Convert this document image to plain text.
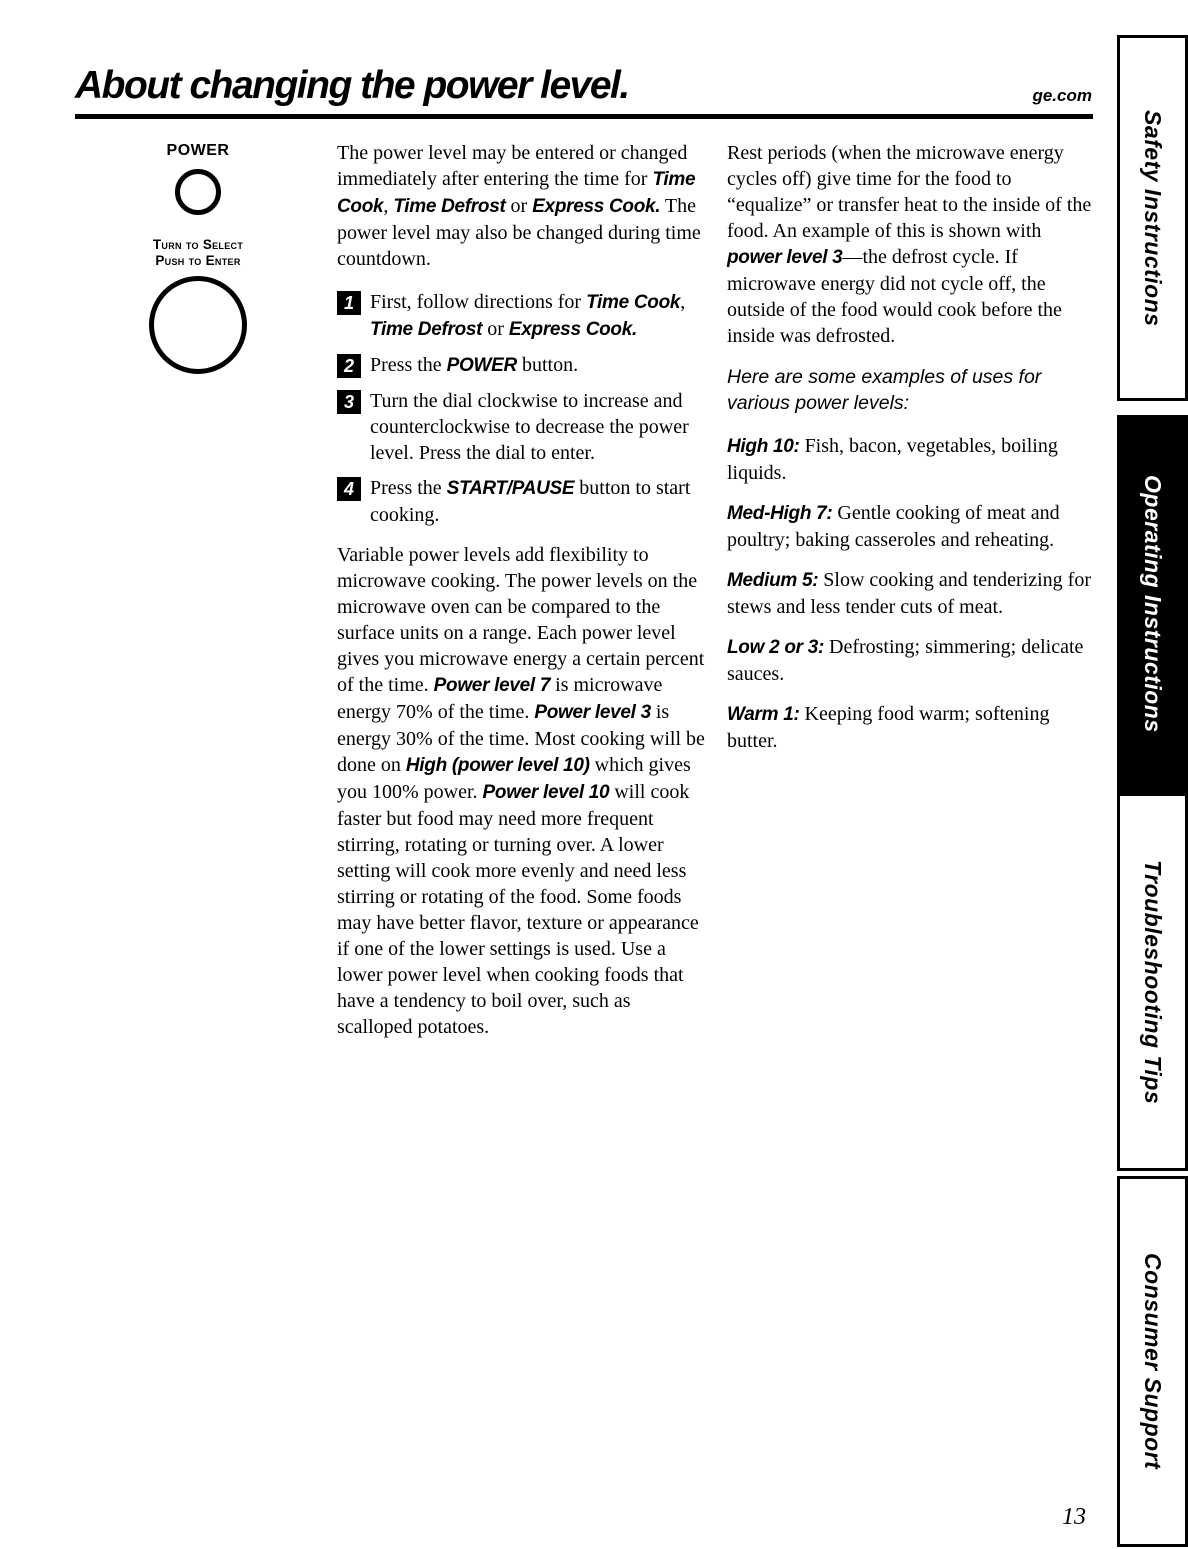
About changing the power level.	ge.com
POWER
Turn to Select
Push to Enter

The power level may be entered or changed immediately after entering the time for Time Cook, Time Defrost or Express Cook. The power level may also be changed during time countdown.

1 First, follow directions for Time Cook, Time Defrost or Express Cook.
2 Press the POWER button.
3 Turn the dial clockwise to increase and counterclockwise to decrease the power level. Press the dial to enter.
4 Press the START/PAUSE button to start cooking.

Variable power levels add flexibility to microwave cooking. The power levels on the microwave oven can be compared to the surface units on a range. Each power level gives you microwave energy a certain percent of the time. Power level 7 is microwave energy 70% of the time. Power level 3 is energy 30% of the time. Most cooking will be done on High (power level 10) which gives you 100% power. Power level 10 will cook faster but food may need more frequent stirring, rotating or turning over. A lower setting will cook more evenly and need less stirring or rotating of the food. Some foods may have better flavor, texture or appearance if one of the lower settings is used. Use a lower power level when cooking foods that have a tendency to boil over, such as scalloped potatoes.

Rest periods (when the microwave energy cycles off) give time for the food to “equalize” or transfer heat to the inside of the food. An example of this is shown with power level 3—the defrost cycle. If microwave energy did not cycle off, the outside of the food would cook before the inside was defrosted.

Here are some examples of uses for various power levels:

High 10: Fish, bacon, vegetables, boiling liquids.
Med-High 7: Gentle cooking of meat and poultry; baking casseroles and reheating.
Medium 5: Slow cooking and tenderizing for stews and less tender cuts of meat.
Low 2 or 3: Defrosting; simmering; delicate sauces.
Warm 1: Keeping food warm; softening butter.
Safety Instructions
Operating Instructions
Troubleshooting Tips
Consumer Support
13
